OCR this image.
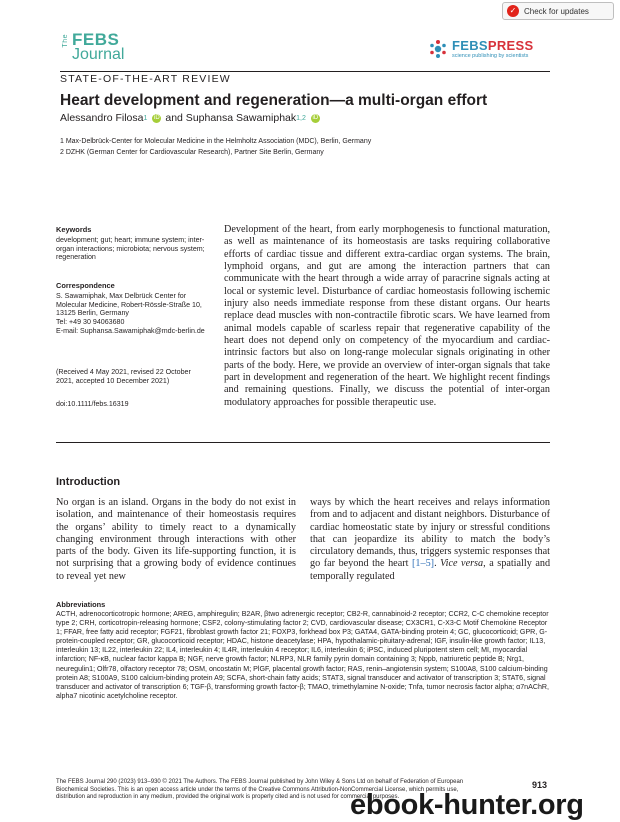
✓ Check for updates
The FEBS
Journal
FEBSPRESS
science publishing by scientists
STATE-OF-THE-ART REVIEW
Heart development and regeneration—a multi-organ effort
Alessandro Filosa 1 iD and Suphansa Sawamiphak 1,2 iD
1 Max-Delbrück-Center for Molecular Medicine in the Helmholtz Association (MDC), Berlin, Germany
2 DZHK (German Center for Cardiovascular Research), Partner Site Berlin, Germany
Keywords

development; gut; heart; immune system; inter-organ interactions; microbiota; nervous system; regeneration

Correspondence

S. Sawamiphak, Max Delbrück Center for Molecular Medicine, Robert-Rössle-Straße 10, 13125 Berlin, Germany

Tel: +49 30 94063680

E-mail: Suphansa.Sawamiphak@mdc-berlin.de

(Received 4 May 2021, revised 22 October 2021, accepted 10 December 2021)
doi:10.1111/febs.16319
Development of the heart, from early morphogenesis to functional maturation, as well as maintenance of its homeostasis are tasks requiring collaborative efforts of cardiac tissue and different extra-cardiac organ systems. The brain, lymphoid organs, and gut are among the interaction partners that can communicate with the heart through a wide array of paracrine signals acting at local or systemic level. Disturbance of cardiac homeostasis following ischemic injury also needs immediate response from these distant organs. Our hearts replace dead muscles with non-contractile fibrotic scars. We have learned from animal models capable of scarless repair that regenerative capability of the heart does not depend only on competency of the myocardium and cardiac-intrinsic factors but also on long-range molecular signals originating in other parts of the body. Here, we provide an overview of inter-organ signals that take part in development and regeneration of the heart. We highlight recent findings and remaining questions. Finally, we discuss the potential of inter-organ modulatory approaches for possible therapeutic use.
Introduction
No organ is an island. Organs in the body do not exist in isolation, and maintenance of their homeostasis requires the organs’ ability to timely react to a dynamically changing environment through interactions with other parts of the body. Given its life-supporting function, it is not surprising that a growing body of evidence continues to reveal yet new
ways by which the heart receives and relays information from and to adjacent and distant neighbors. Disturbance of cardiac homeostatic state by injury or stressful conditions that can jeopardize its ability to match the body’s circulatory demands, thus, triggers systemic responses that go far beyond the heart [1–5]. Vice versa, a spatially and temporally regulated
Abbreviations
ACTH, adrenocorticotropic hormone; AREG, amphiregulin; B2AR, βtwo adrenergic receptor; CB2-R, cannabinoid-2 receptor; CCR2, C-C chemokine receptor type 2; CRH, corticotropin-releasing hormone; CSF2, colony-stimulating factor 2; CVD, cardiovascular disease; CX3CR1, C-X3-C Motif Chemokine Receptor 1; FFAR, free fatty acid receptor; FGF21, fibroblast growth factor 21; FOXP3, forkhead box P3; GATA4, GATA-binding protein 4; GC, glucocorticoid; GPR, G-protein-coupled receptor; GR, glucocorticoid receptor; HDAC, histone deacetylase; HPA, hypothalamic-pituitary-adrenal; IGF, insulin-like growth factor; IL13, interleukin 13; IL22, interleukin 22; IL4, interleukin 4; IL4R, interleukin 4 receptor; IL6, interleukin 6; iPSC, induced pluripotent stem cell; MI, myocardial infarction; NF-κB, nuclear factor kappa B; NGF, nerve growth factor; NLRP3, NLR family pyrin domain containing 3; Nppb, natriuretic peptide B; Nrg1, neuregulin1; Olfr78, olfactory receptor 78; OSM, oncostatin M; PlGF, placental growth factor; RAS, renin–angiotensin system; S100A8, S100 calcium-binding protein A8; S100A9, S100 calcium-binding protein A9; SCFA, short-chain fatty acids; STAT3, signal transducer and activator of transcription 3; STAT6, signal transducer and activator of transcription 6; TGF-β, transforming growth factor-β; TMAO, trimethylamine N-oxide; Tnfa, tumor necrosis factor alpha; α7nAChR, alpha7 nicotinic acetylcholine receptor.
The FEBS Journal 290 (2023) 913–930 © 2021 The Authors. The FEBS Journal published by John Wiley & Sons Ltd on behalf of Federation of European Biochemical Societies. This is an open access article under the terms of the Creative Commons Attribution-NonCommercial License, which permits use, distribution and reproduction in any medium, provided the original work is properly cited and is not used for commercial purposes.
913
ebook-hunter.org
